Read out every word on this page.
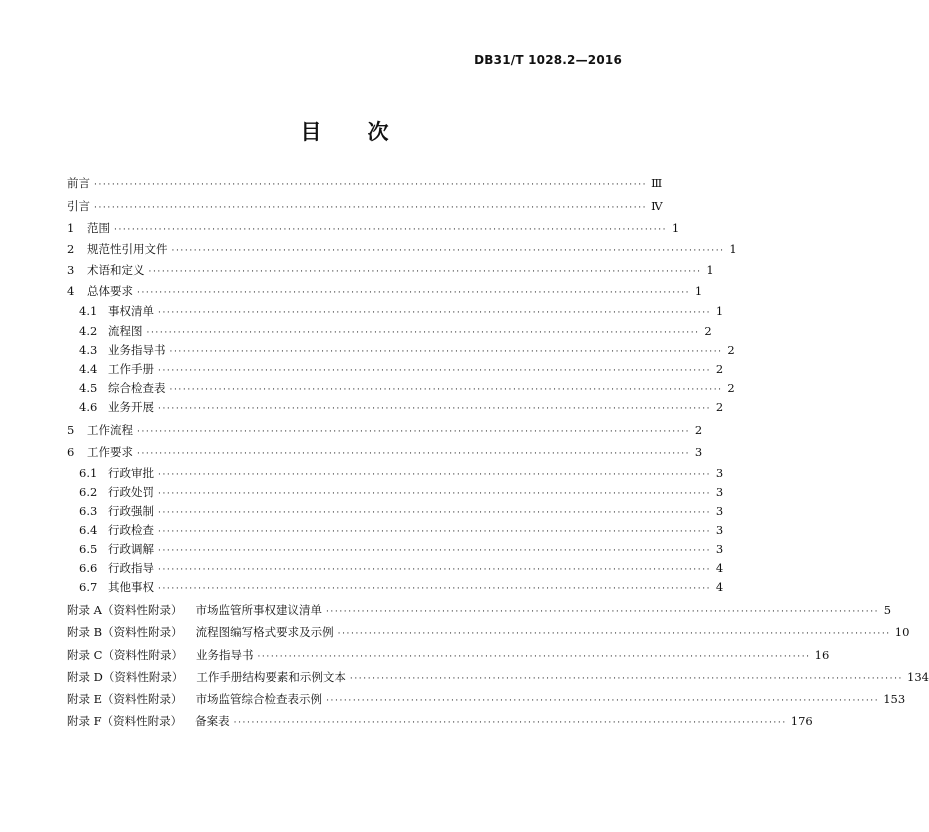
DB31/T 1028.2—2016
目 次
前言 ···························································································································· Ⅲ
引言 ···························································································································· Ⅳ
1 范围 ···························································································································· 1
2 规范性引用文件 ···························································································································· 1
3 术语和定义 ···························································································································· 1
4 总体要求 ···························································································································· 1
4.1 事权清单 ···························································································································· 1
4.2 流程图 ···························································································································· 2
4.3 业务指导书 ···························································································································· 2
4.4 工作手册 ···························································································································· 2
4.5 综合检查表 ···························································································································· 2
4.6 业务开展 ···························································································································· 2
5 工作流程 ···························································································································· 2
6 工作要求 ···························································································································· 3
6.1 行政审批 ···························································································································· 3
6.2 行政处罚 ···························································································································· 3
6.3 行政强制 ···························································································································· 3
6.4 行政检查 ···························································································································· 3
6.5 行政调解 ···························································································································· 3
6.6 行政指导 ···························································································································· 4
6.7 其他事权 ···························································································································· 4
附录 A（资料性附录） 市场监管所事权建议清单 ···························································································································· 5
附录 B（资料性附录） 流程图编写格式要求及示例 ···························································································································· 10
附录 C（资料性附录） 业务指导书 ···························································································································· 16
附录 D（资料性附录） 工作手册结构要素和示例文本 ···························································································································· 134
附录 E（资料性附录） 市场监管综合检查表示例 ···························································································································· 153
附录 F（资料性附录） 备案表 ···························································································································· 176
